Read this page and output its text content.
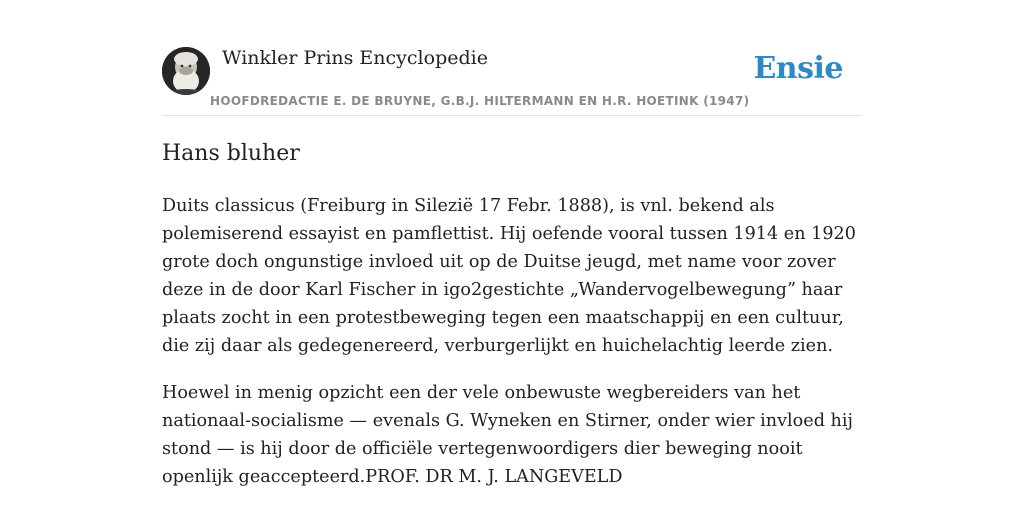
Winkler Prins Encyclopedie
HOOFDREDACTIE E. DE BRUYNE, G.B.J. HILTERMANN EN H.R. HOETINK (1947)
Ensie
Hans bluher

Duits classicus (Freiburg in Silezië 17 Febr. 1888), is vnl. bekend als polemiserend essayist en pamflettist. Hij oefende vooral tussen 1914 en 1920 grote doch ongunstige invloed uit op de Duitse jeugd, met name voor zover deze in de door Karl Fischer in igo2gestichte „Wandervogelbewegung” haar plaats zocht in een protestbeweging tegen een maatschappij en een cultuur, die zij daar als gedegenereerd, verburgerlijkt en huichelachtig leerde zien.

Hoewel in menig opzicht een der vele onbewuste wegbereiders van het nationaal-socialisme — evenals G. Wyneken en Stirner, onder wier invloed hij stond — is hij door de officiële vertegenwoordigers dier beweging nooit openlijk geaccepteerd.PROF. DR M. J. LANGEVELD
